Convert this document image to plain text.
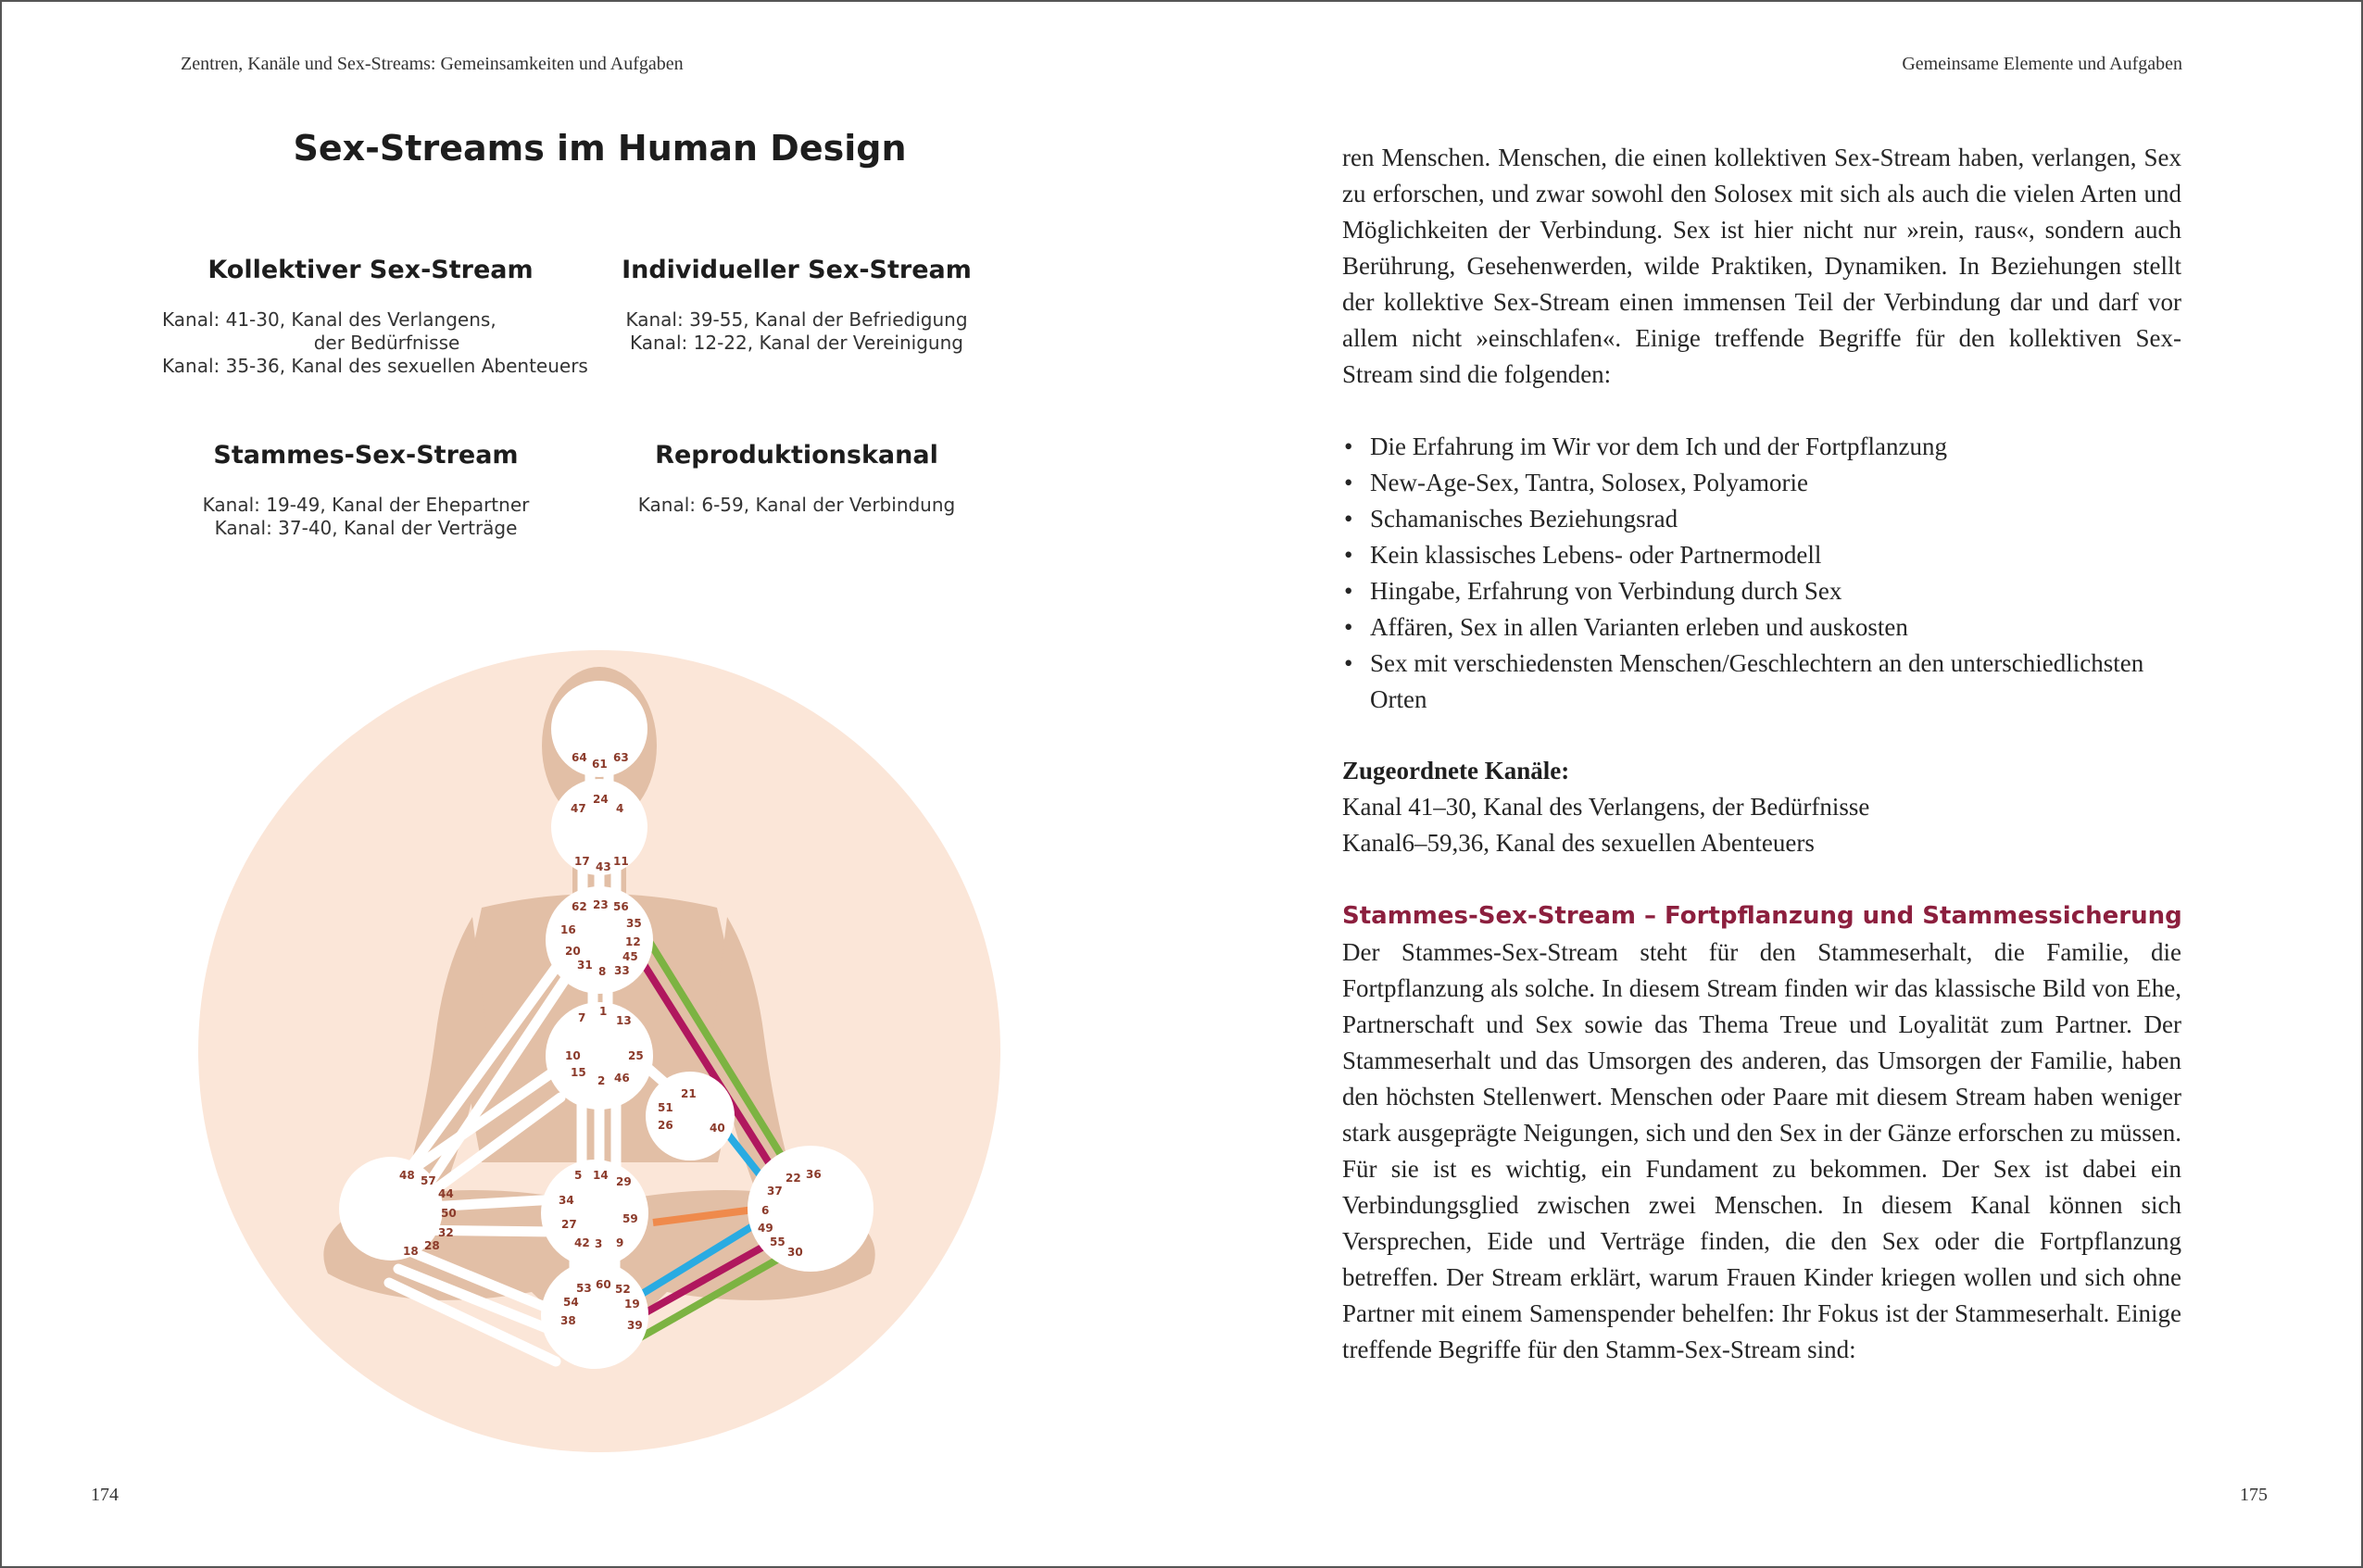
Zentren, Kanäle und Sex-Streams: Gemeinsamkeiten und Aufgaben	Gemeinsame Elemente und Aufgaben
Sex-Streams im Human Design
Kollektiver Sex-Stream
Kanal: 41-30, Kanal des Verlangens,
der Bedürfnisse
Kanal: 35-36, Kanal des sexuellen Abenteuers
Individueller Sex-Stream
Kanal: 39-55, Kanal der Befriedigung
Kanal: 12-22, Kanal der Vereinigung
Stammes-Sex-Stream
Kanal: 19-49, Kanal der Ehepartner
Kanal: 37-40, Kanal der Verträge
Reproduktionskanal
Kanal: 6-59, Kanal der Verbindung
64 61 63
24
47	4
17 43 11
62 23 56
16	35
12
20	45
31 8 33
7 1
13
10	25
15
2 46
21
51
26	40
22 36
37
6
49
55
30
48 57
44
50
32
28
18
5 14 29
34
27	59
42 3 9
53 60 52
54	19
38	39
174

ren Menschen. Menschen, die einen kollektiven Sex-Stream haben, verlangen, Sex zu erforschen, und zwar sowohl den Solosex mit sich als auch die vielen Arten und Möglichkeiten der Verbindung. Sex ist hier nicht nur »rein, raus«, sondern auch Berührung, Gesehenwerden, wilde Praktiken, Dynamiken. In Beziehungen stellt der kollektive Sex-Stream einen immensen Teil der Verbindung dar und darf vor allem nicht »einschlafen«. Einige treffende Begriffe für den kollektiven Sex-Stream sind die folgenden:

• Die Erfahrung im Wir vor dem Ich und der Fortpflanzung
• New-Age-Sex, Tantra, Solosex, Polyamorie
• Schamanisches Beziehungsrad
• Kein klassisches Lebens- oder Partnermodell
• Hingabe, Erfahrung von Verbindung durch Sex
• Affären, Sex in allen Varianten erleben und auskosten
• Sex mit verschiedensten Menschen/Geschlechtern an den unterschiedlichsten Orten
Zugeordnete Kanäle:
Kanal 41–30, Kanal des Verlangens, der Bedürfnisse
Kanal6–59,36, Kanal des sexuellen Abenteuers
Stammes-Sex-Stream – Fortpflanzung und Stammessicherung

Der Stammes-Sex-Stream steht für den Stammeserhalt, die Familie, die Fortpflanzung als solche. In diesem Stream finden wir das klassische Bild von Ehe, Partnerschaft und Sex sowie das Thema Treue und Loyalität zum Partner. Der Stammeserhalt und das Umsorgen des anderen, das Umsorgen der Familie, haben den höchsten Stellenwert. Menschen oder Paare mit diesem Stream haben weniger stark ausgeprägte Neigungen, sich und den Sex in der Gänze erforschen zu müssen. Für sie ist es wichtig, ein Fundament zu bekommen. Der Sex ist dabei ein Verbindungsglied zwischen zwei Menschen. In diesem Kanal können sich Versprechen, Eide und Verträge finden, die den Sex oder die Fortpflanzung betreffen. Der Stream erklärt, warum Frauen Kinder kriegen wollen und sich ohne Partner mit einem Samenspender behelfen: Ihr Fokus ist der Stammeserhalt. Einige treffende Begriffe für den Stamm-Sex-Stream sind:

175
